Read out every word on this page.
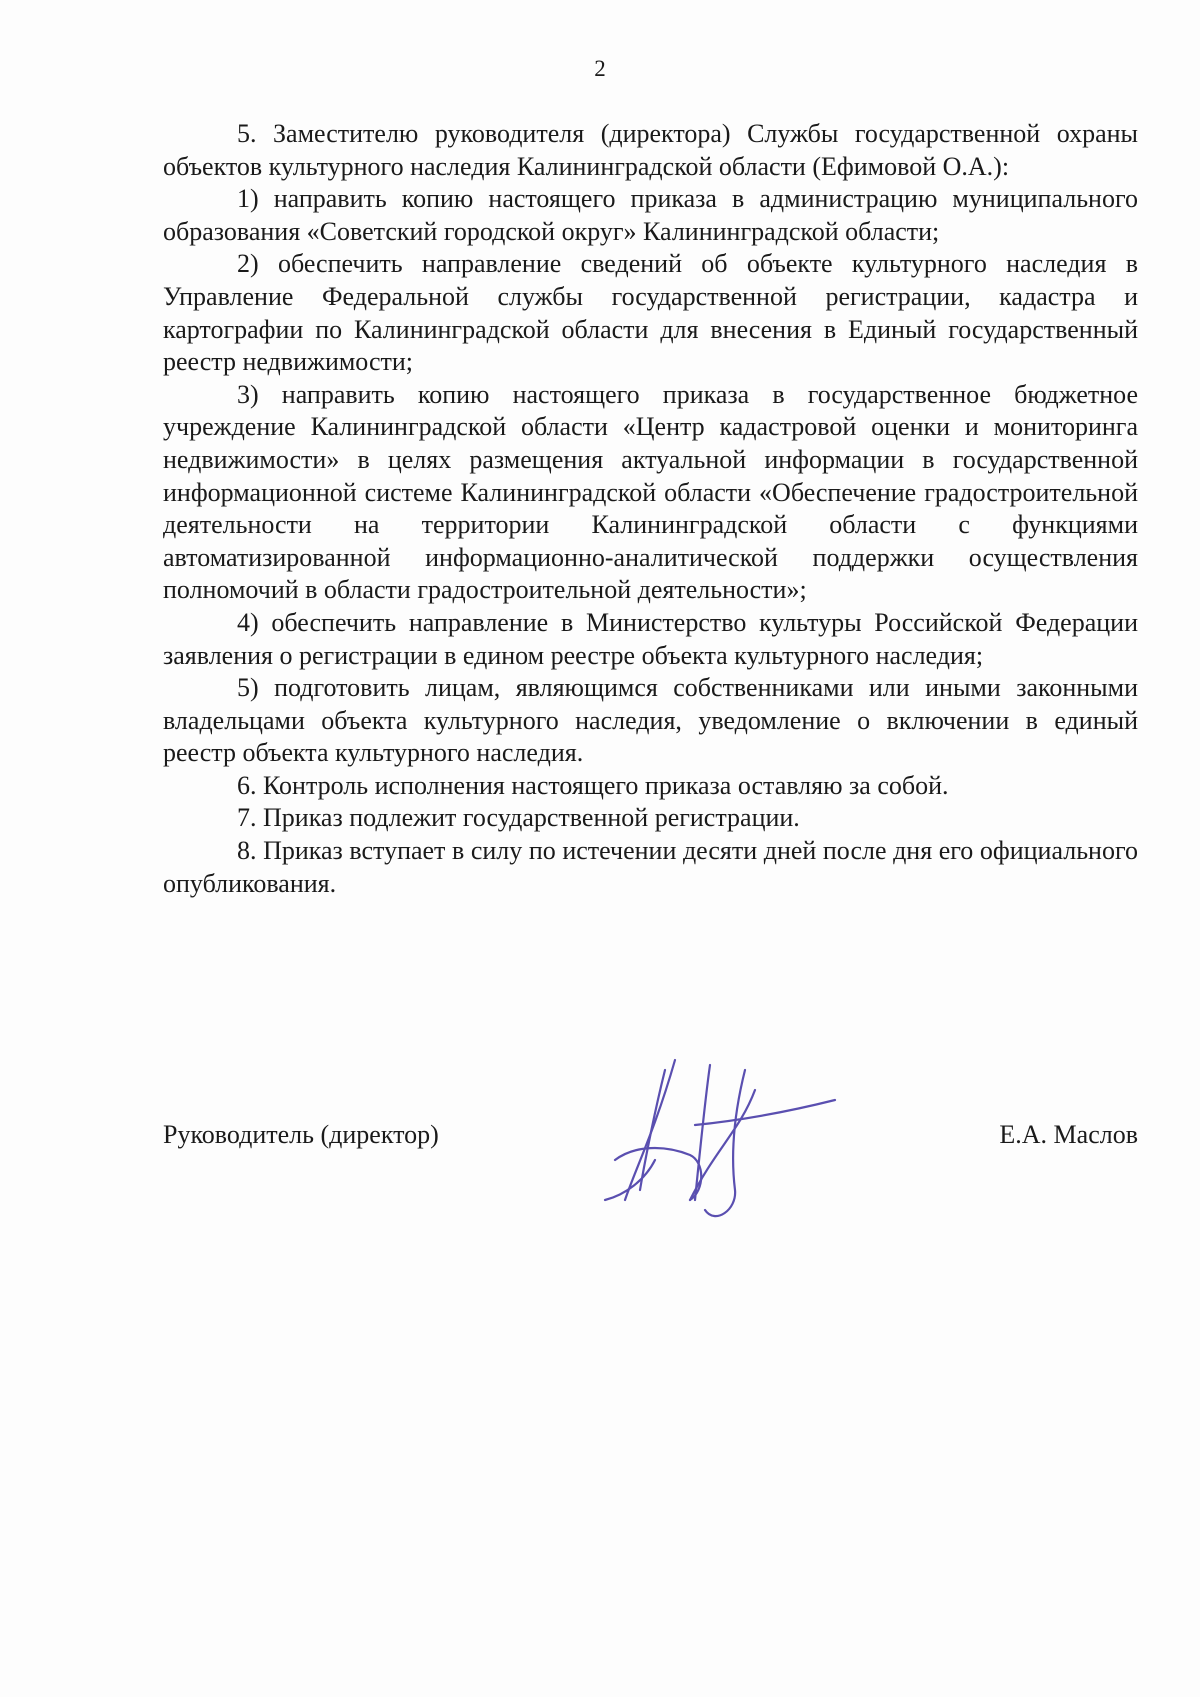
2

5. Заместителю руководителя (директора) Службы государственной охраны объектов культурного наследия Калининградской области (Ефимовой О.А.):

1) направить копию настоящего приказа в администрацию муниципального образования «Советский городской округ» Калининградской области;

2) обеспечить направление сведений об объекте культурного наследия в Управление Федеральной службы государственной регистрации, кадастра и картографии по Калининградской области для внесения в Единый государственный реестр недвижимости;

3) направить копию настоящего приказа в государственное бюджетное учреждение Калининградской области «Центр кадастровой оценки и мониторинга недвижимости» в целях размещения актуальной информации в государственной информационной системе Калининградской области «Обеспечение градостроительной деятельности на территории Калининградской области с функциями автоматизированной информационно-аналитической поддержки осуществления полномочий в области градостроительной деятельности»;

4) обеспечить направление в Министерство культуры Российской Федерации заявления о регистрации в едином реестре объекта культурного наследия;

5) подготовить лицам, являющимся собственниками или иными законными владельцами объекта культурного наследия, уведомление о включении в единый реестр объекта культурного наследия.

6. Контроль исполнения настоящего приказа оставляю за собой.

7. Приказ подлежит государственной регистрации.

8. Приказ вступает в силу по истечении десяти дней после дня его официального опубликования.

Руководитель (директор)	Е.А. Маслов
